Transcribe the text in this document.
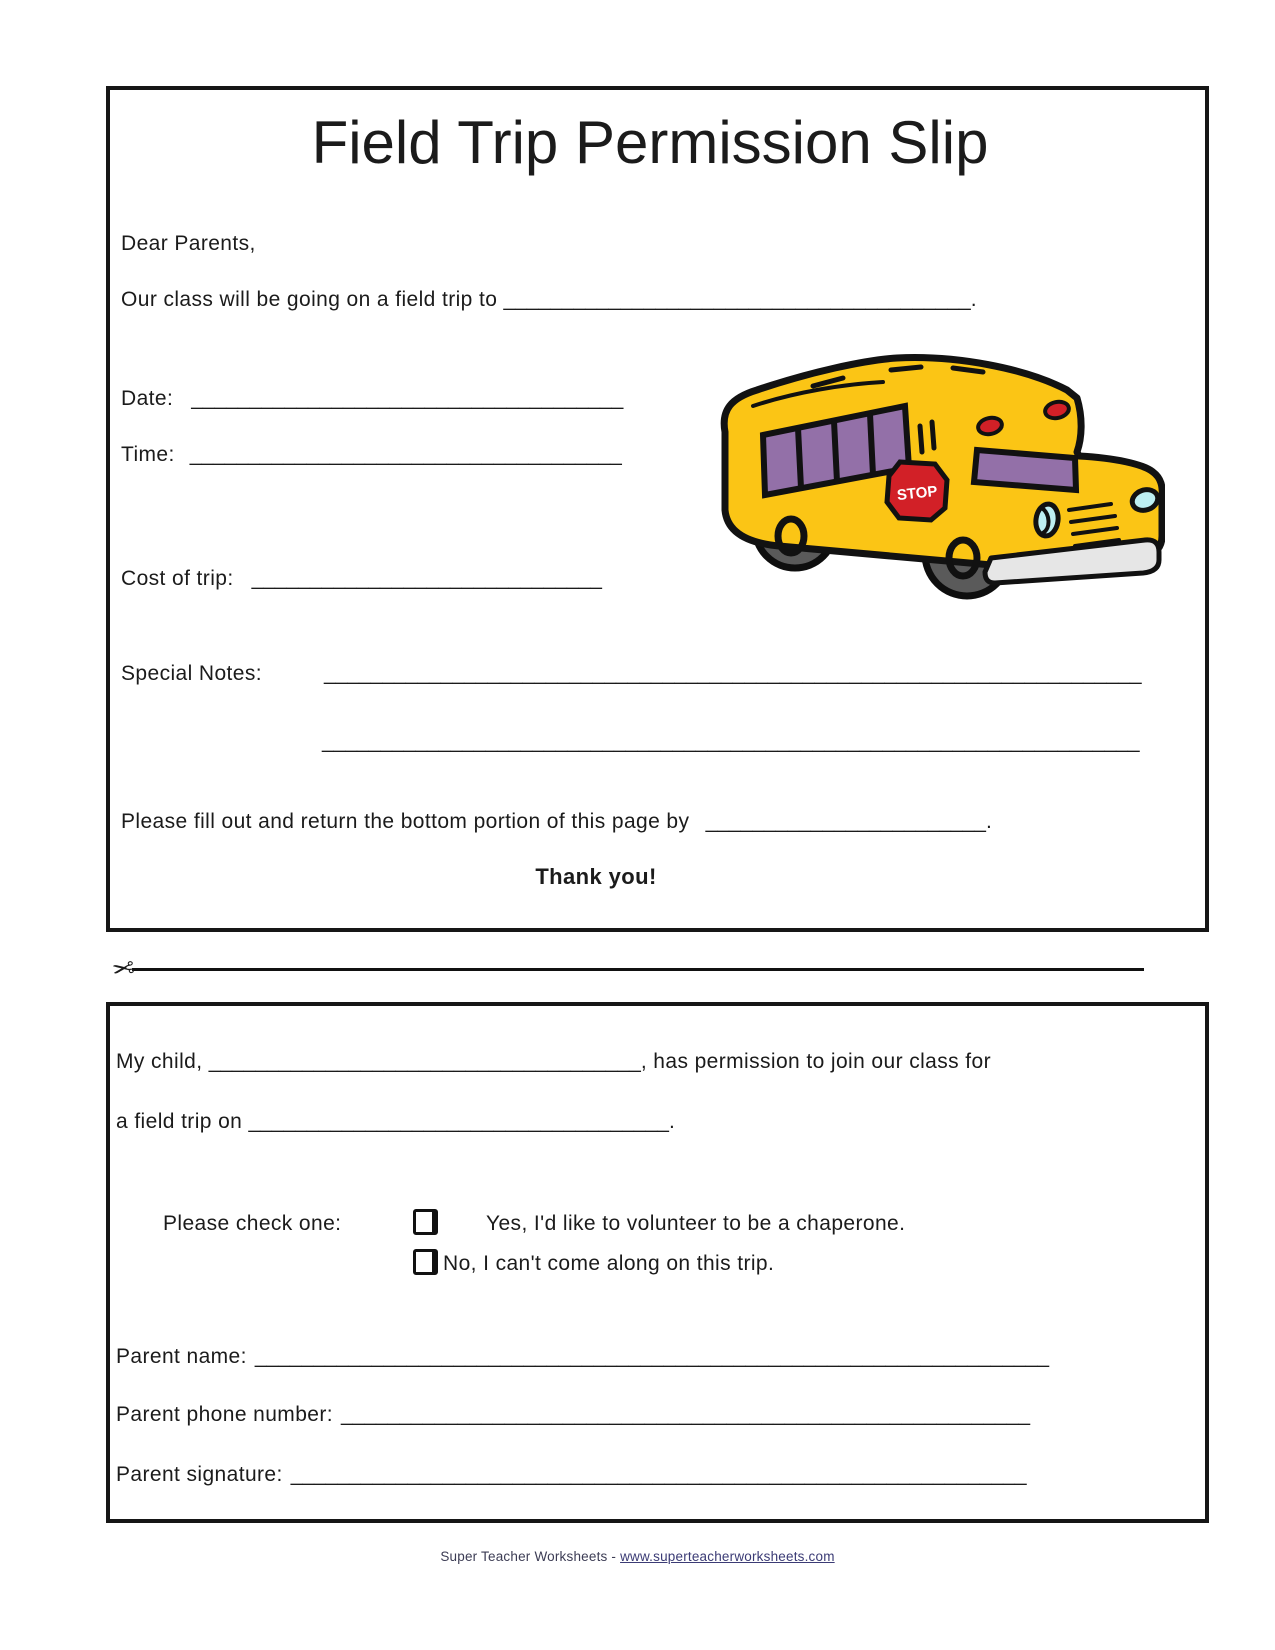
Field Trip Permission Slip
Dear Parents,
Our class will be going on a field trip to ________________________________________.
Date: _____________________________________
Time: _____________________________________
Cost of trip: ______________________________
Special Notes:	______________________________________________________________________
______________________________________________________________________
Please fill out and return the bottom portion of this page by ________________________.
Thank you!
STOP
✂
My child, _____________________________________, has permission to join our class for
a field trip on ____________________________________.
Please check one:	Yes, I'd like to volunteer to be a chaperone.
No, I can't come along on this trip.
Parent name: ____________________________________________________________________
Parent phone number: ___________________________________________________________
Parent signature: _______________________________________________________________
Super Teacher Worksheets - www.superteacherworksheets.com
